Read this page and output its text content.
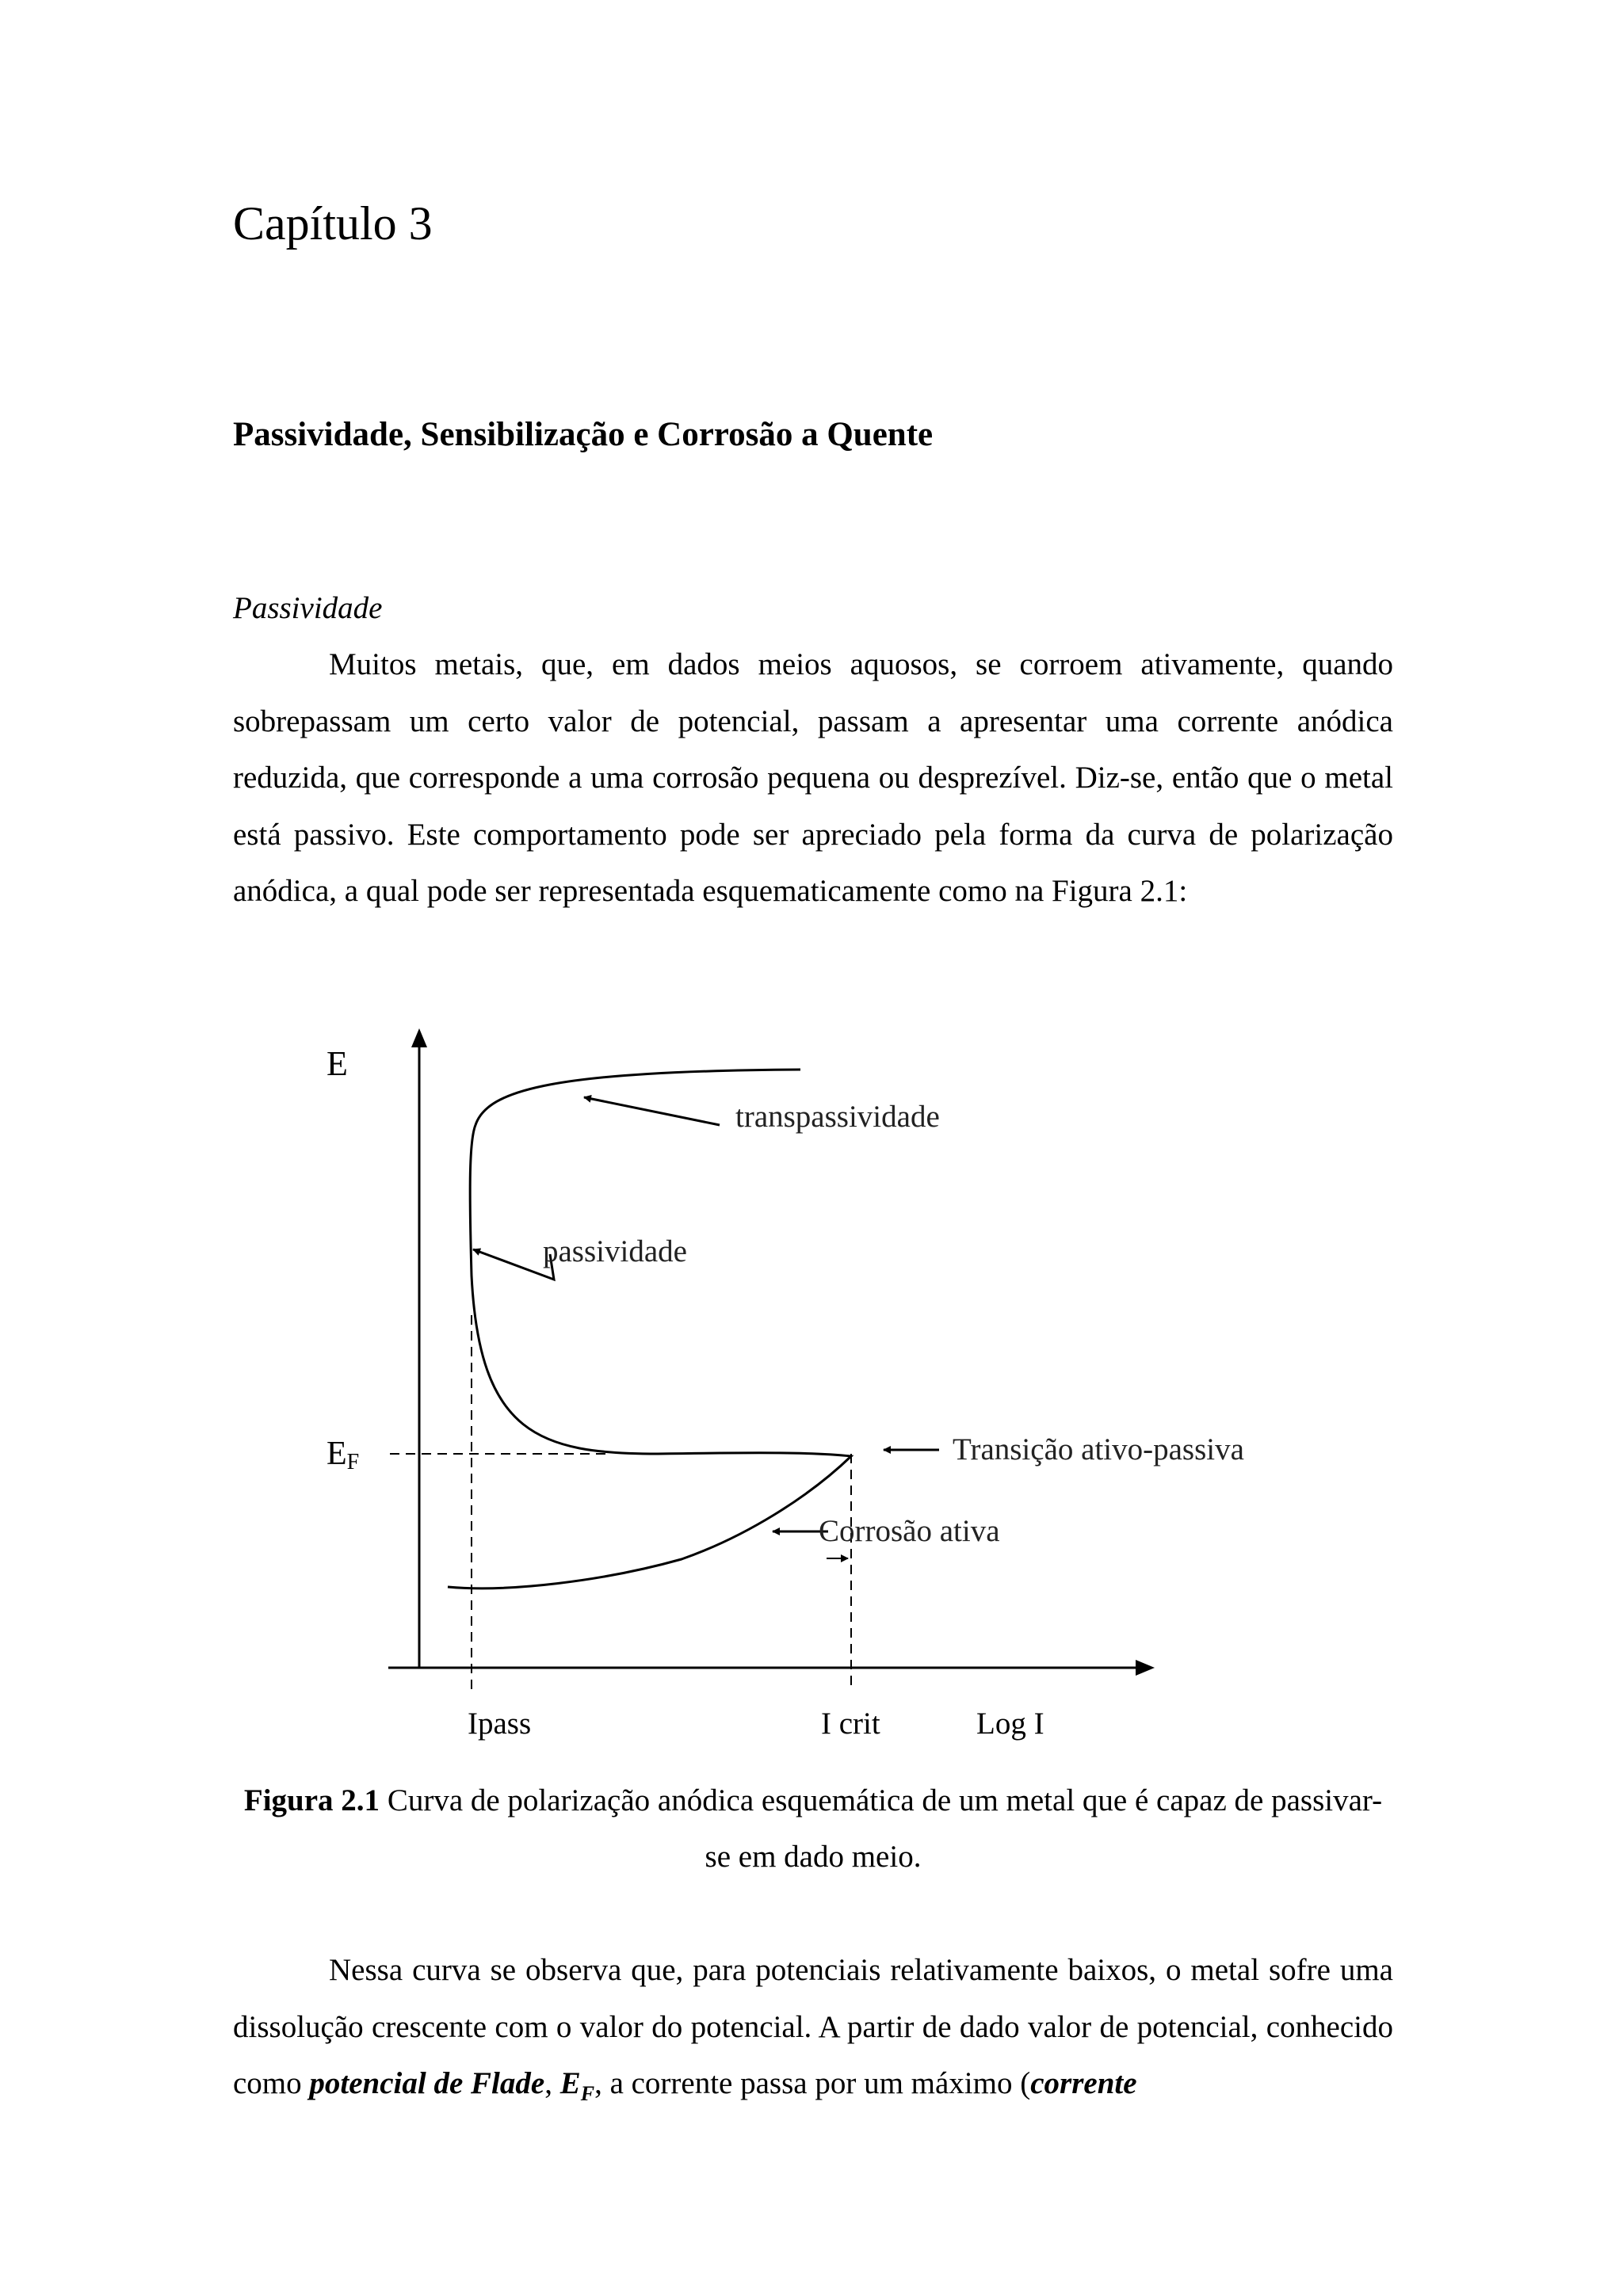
Capítulo 3
Passividade, Sensibilização e Corrosão a Quente
Passividade

Muitos metais, que, em dados meios aquosos, se corroem ativamente, quando sobrepassam um certo valor de potencial, passam a apresentar uma corrente anódica reduzida, que corresponde a uma corrosão pequena ou desprezível. Diz-se, então que o metal está passivo. Este comportamento pode ser apreciado pela forma da curva de polarização anódica, a qual pode ser representada esquematicamente como na Figura 2.1:

E
EF
transpassividade
passividade
Transição ativo-passiva
Corrosão ativa
Ipass	I crit	Log I
Figura 2.1 Curva de polarização anódica esquemática de um metal que é capaz de passivar-se em dado meio.

Nessa curva se observa que, para potenciais relativamente baixos, o metal sofre uma dissolução crescente com o valor do potencial. A partir de dado valor de potencial, conhecido como potencial de Flade, $E_F$, a corrente passa por um máximo (corrente
